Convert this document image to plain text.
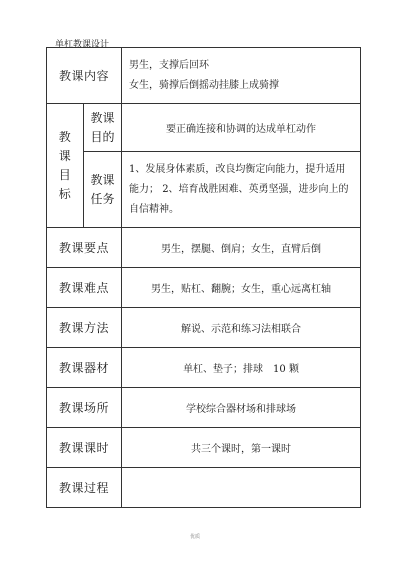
单杠教课设计
教课内容		男生，支撑后回环

女生，骑撑后倒摇动挂膝上成骑撑

教课目标	教课目的	要正确连接和协调的达成单杠动作

	教课任务	1、发展身体素质，改良均衡定向能力，提升适用能力； 2、培育战胜困难、英勇坚强，进步向上的自信精神。
教课要点		男生，摆腿、倒肩；女生，直臂后倒
教课难点		男生，贴杠、翻腕；女生，重心远离杠轴
教课方法		解说、示范和练习法相联合
教课器材		单杠、垫子；排球　10 颗
教课场所		学校综合器材场和排球场
教课课时		共三个课时，第一课时
教课过程		
优质
